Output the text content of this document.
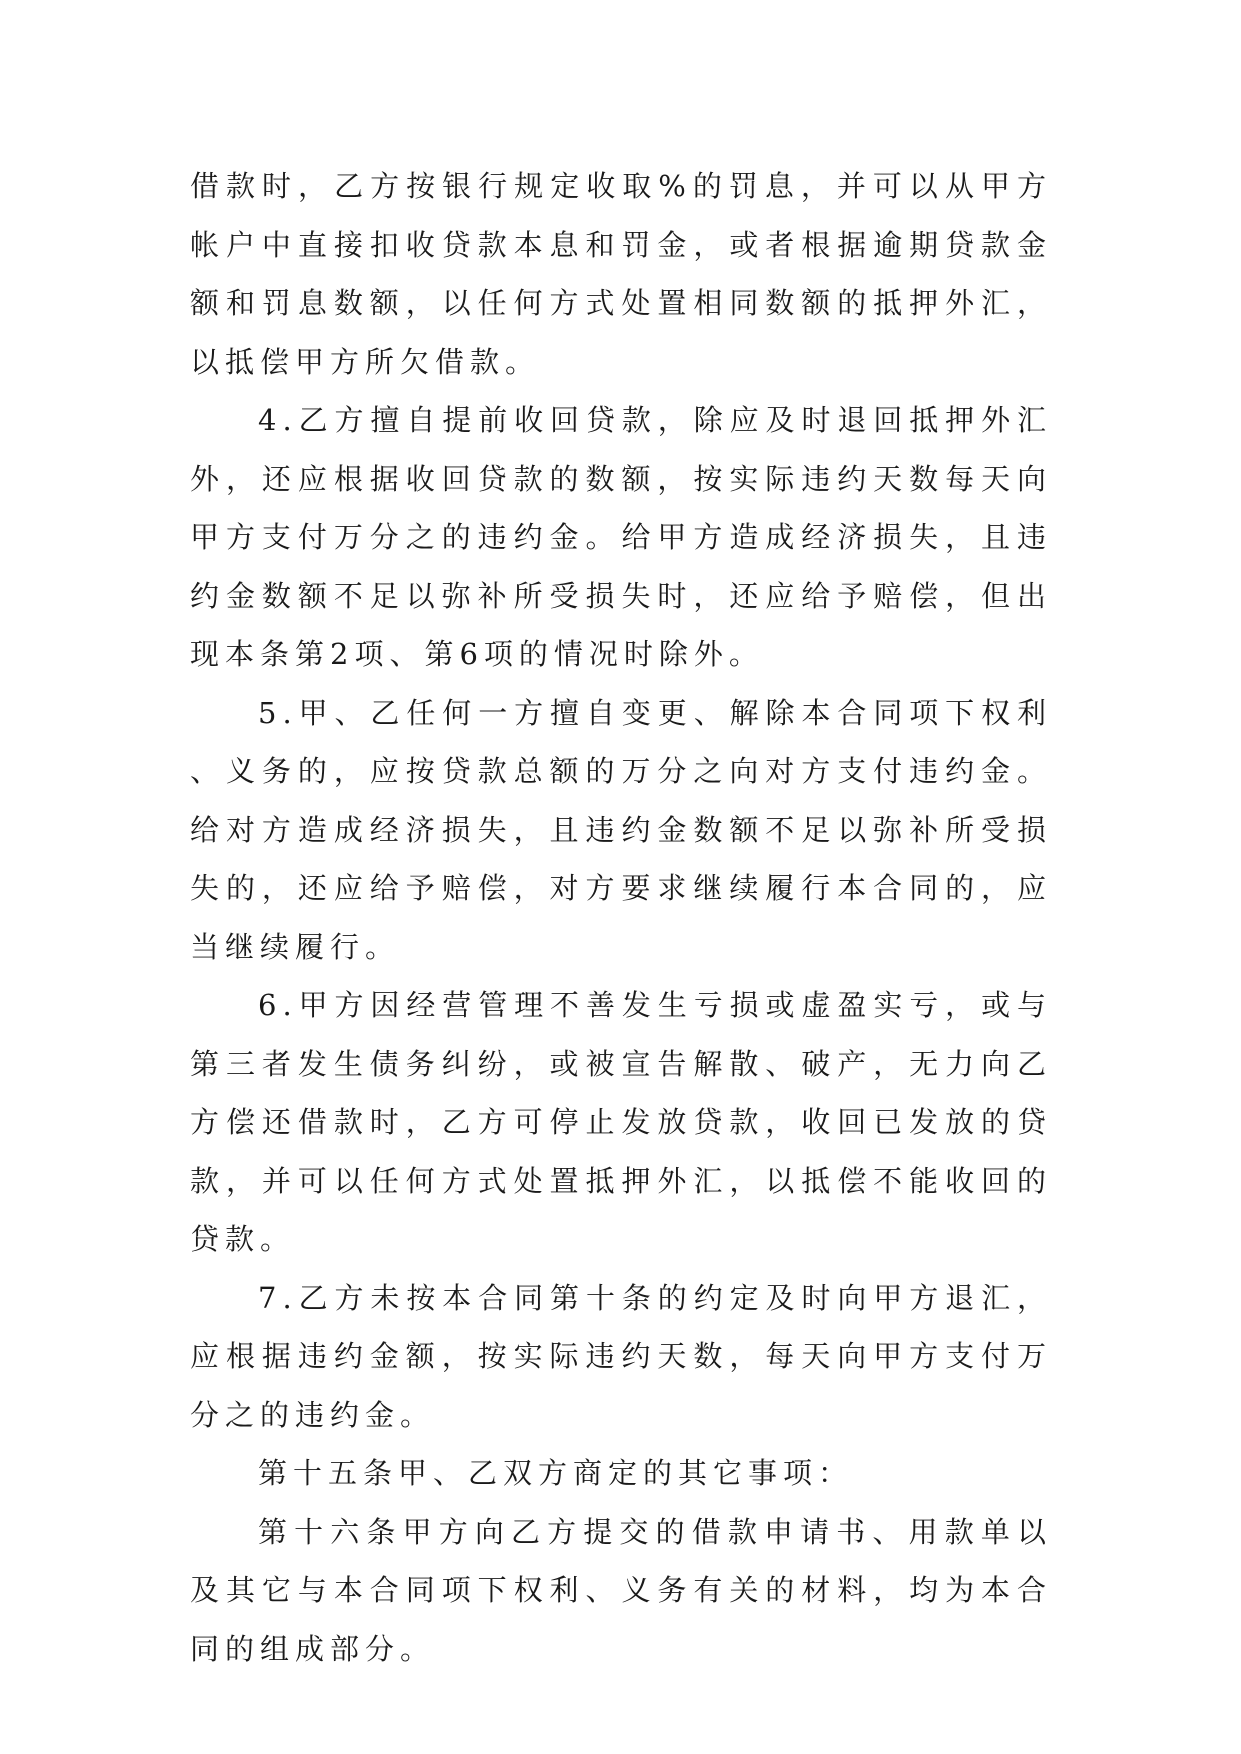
借款时，乙方按银行规定收取%的罚息，并可以从甲方帐户中直接扣收贷款本息和罚金，或者根据逾期贷款金额和罚息数额，以任何方式处置相同数额的抵押外汇，以抵偿甲方所欠借款。

4.乙方擅自提前收回贷款，除应及时退回抵押外汇外，还应根据收回贷款的数额，按实际违约天数每天向甲方支付万分之的违约金。给甲方造成经济损失，且违约金数额不足以弥补所受损失时，还应给予赔偿，但出现本条第2项、第6项的情况时除外。

5.甲、乙任何一方擅自变更、解除本合同项下权利、义务的，应按贷款总额的万分之向对方支付违约金。给对方造成经济损失，且违约金数额不足以弥补所受损失的，还应给予赔偿，对方要求继续履行本合同的，应当继续履行。

6.甲方因经营管理不善发生亏损或虚盈实亏，或与第三者发生债务纠纷，或被宣告解散、破产，无力向乙方偿还借款时，乙方可停止发放贷款，收回已发放的贷款，并可以任何方式处置抵押外汇，以抵偿不能收回的贷款。

7.乙方未按本合同第十条的约定及时向甲方退汇，应根据违约金额，按实际违约天数，每天向甲方支付万分之的违约金。

第十五条甲、乙双方商定的其它事项：

第十六条甲方向乙方提交的借款申请书、用款单以及其它与本合同项下权利、义务有关的材料，均为本合同的组成部分。
